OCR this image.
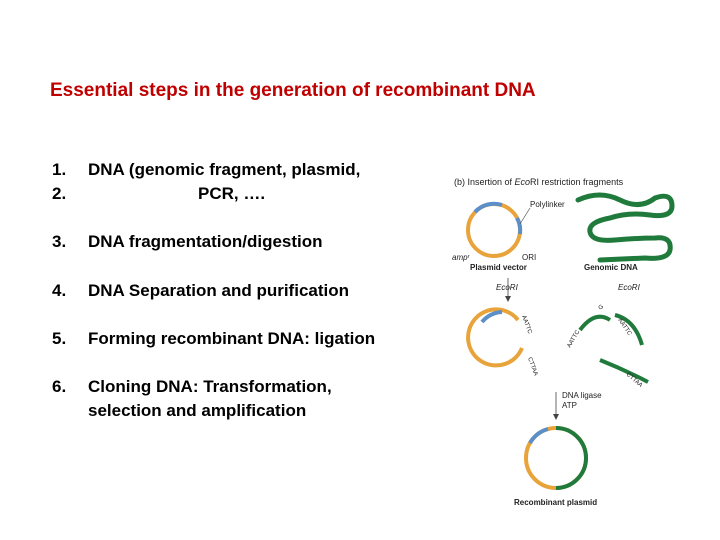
Essential steps in the generation of recombinant DNA
1. DNA (genomic fragment, plasmid,
2.	PCR, ….
3. DNA fragmentation/digestion
4. DNA Separation and purification
5. Forming recombinant DNA: ligation
6. Cloning DNA: Transformation,
selection and amplification
(b) Insertion of EcoRI restriction fragments
Polylinker
ampʳ	ORI
Plasmid vector	Genomic DNA
EcoRI	EcoRI
AATTC
CTTAA
G
AATTC
AATTC
CTTAA
DNA ligase
ATP
Recombinant plasmid
